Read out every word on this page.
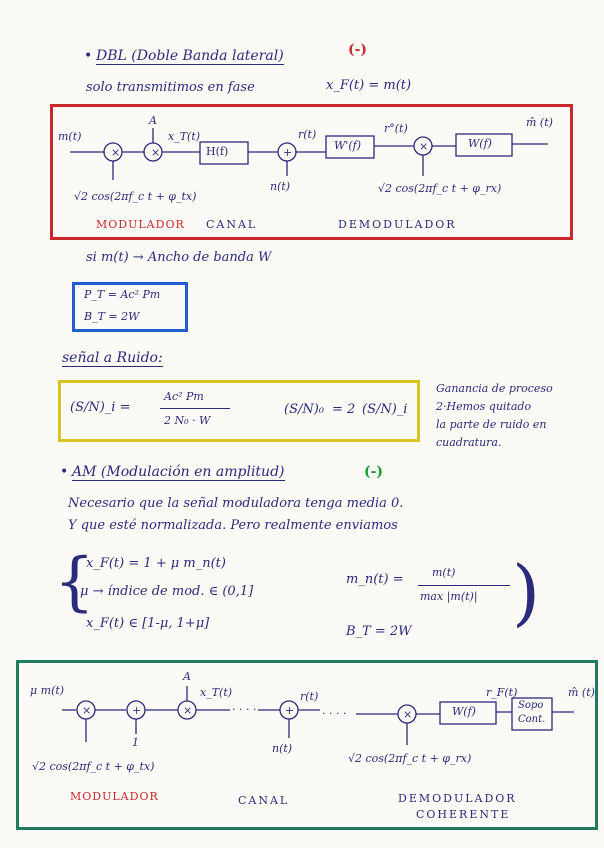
• DBL (Doble Banda lateral)	(-)
solo transmitimos en fase	x_F(t) = m(t)
×	×	+	×
×	+	×	+	×
· · · ·	· · · ·
m(t)
A
x_T(t)
H(f)
r(t)
W'(f)
r°(t)
W(f)
m̂ (t)
n(t)
√2 cos(2πf_c t + φ_tx)
√2 cos(2πf_c t + φ_rx)
MODULADOR CANAL	DEMODULADOR
si m(t) → Ancho de banda W
P_T = Ac² Pm
B_T = 2W
señal a Ruido:
(S/N)_i =
Ac² Pm
2 N₀ · W
(S/N)₀ = 2 (S/N)_i
Ganancia de proceso
2·Hemos quitado
la parte de ruido en
cuadratura.
• AM (Modulación en amplitud)	(-)
Necesario que la señal moduladora tenga media 0.
Y que esté normalizada. Pero realmente enviamos
{
x_F(t) = 1 + μ m_n(t)
μ → índice de mod. ∈ (0,1]
x_F(t) ∈ [1-μ, 1+μ]
m_n(t) =	m(t)
max |m(t)|
B_T = 2W )
μ m(t)
A
x_T(t)	r(t)
W(f)
r_F(t)
Sopo
Cont.
m̂ (t)
1	n(t)
√2 cos(2πf_c t + φ_tx)
√2 cos(2πf_c t + φ_rx)
MODULADOR	CANAL	DEMODULADOR
COHERENTE
